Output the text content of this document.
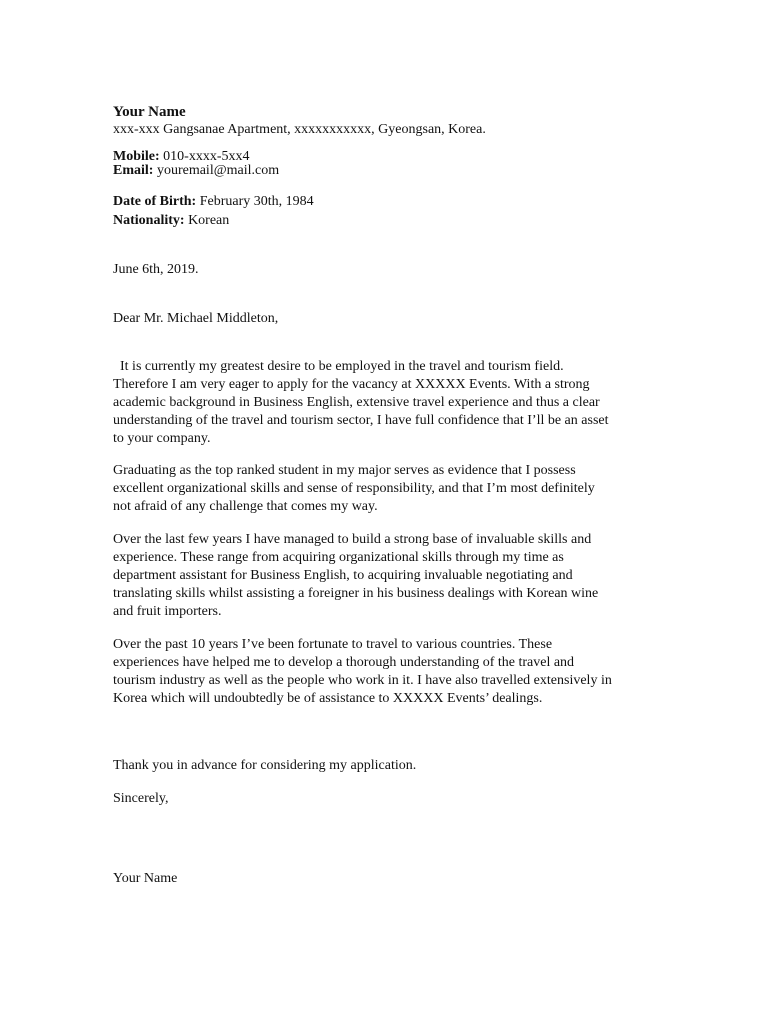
Your Name
xxx-xxx Gangsanae Apartment, xxxxxxxxxxx, Gyeongsan, Korea.
Mobile: 010-xxxx-5xx4
Email: youremail@mail.com
Date of Birth: February 30th, 1984
Nationality: Korean
June 6th, 2019.
Dear Mr. Michael Middleton,
It is currently my greatest desire to be employed in the travel and tourism field.
Therefore I am very eager to apply for the vacancy at XXXXX Events. With a strong
academic background in Business English, extensive travel experience and thus a clear
understanding of the travel and tourism sector, I have full confidence that I’ll be an asset
to your company.
Graduating as the top ranked student in my major serves as evidence that I possess
excellent organizational skills and sense of responsibility, and that I’m most definitely
not afraid of any challenge that comes my way.
Over the last few years I have managed to build a strong base of invaluable skills and
experience. These range from acquiring organizational skills through my time as
department assistant for Business English, to acquiring invaluable negotiating and
translating skills whilst assisting a foreigner in his business dealings with Korean wine
and fruit importers.
Over the past 10 years I’ve been fortunate to travel to various countries. These
experiences have helped me to develop a thorough understanding of the travel and
tourism industry as well as the people who work in it. I have also travelled extensively in
Korea which will undoubtedly be of assistance to XXXXX Events’ dealings.
Thank you in advance for considering my application.
Sincerely,
Your Name
